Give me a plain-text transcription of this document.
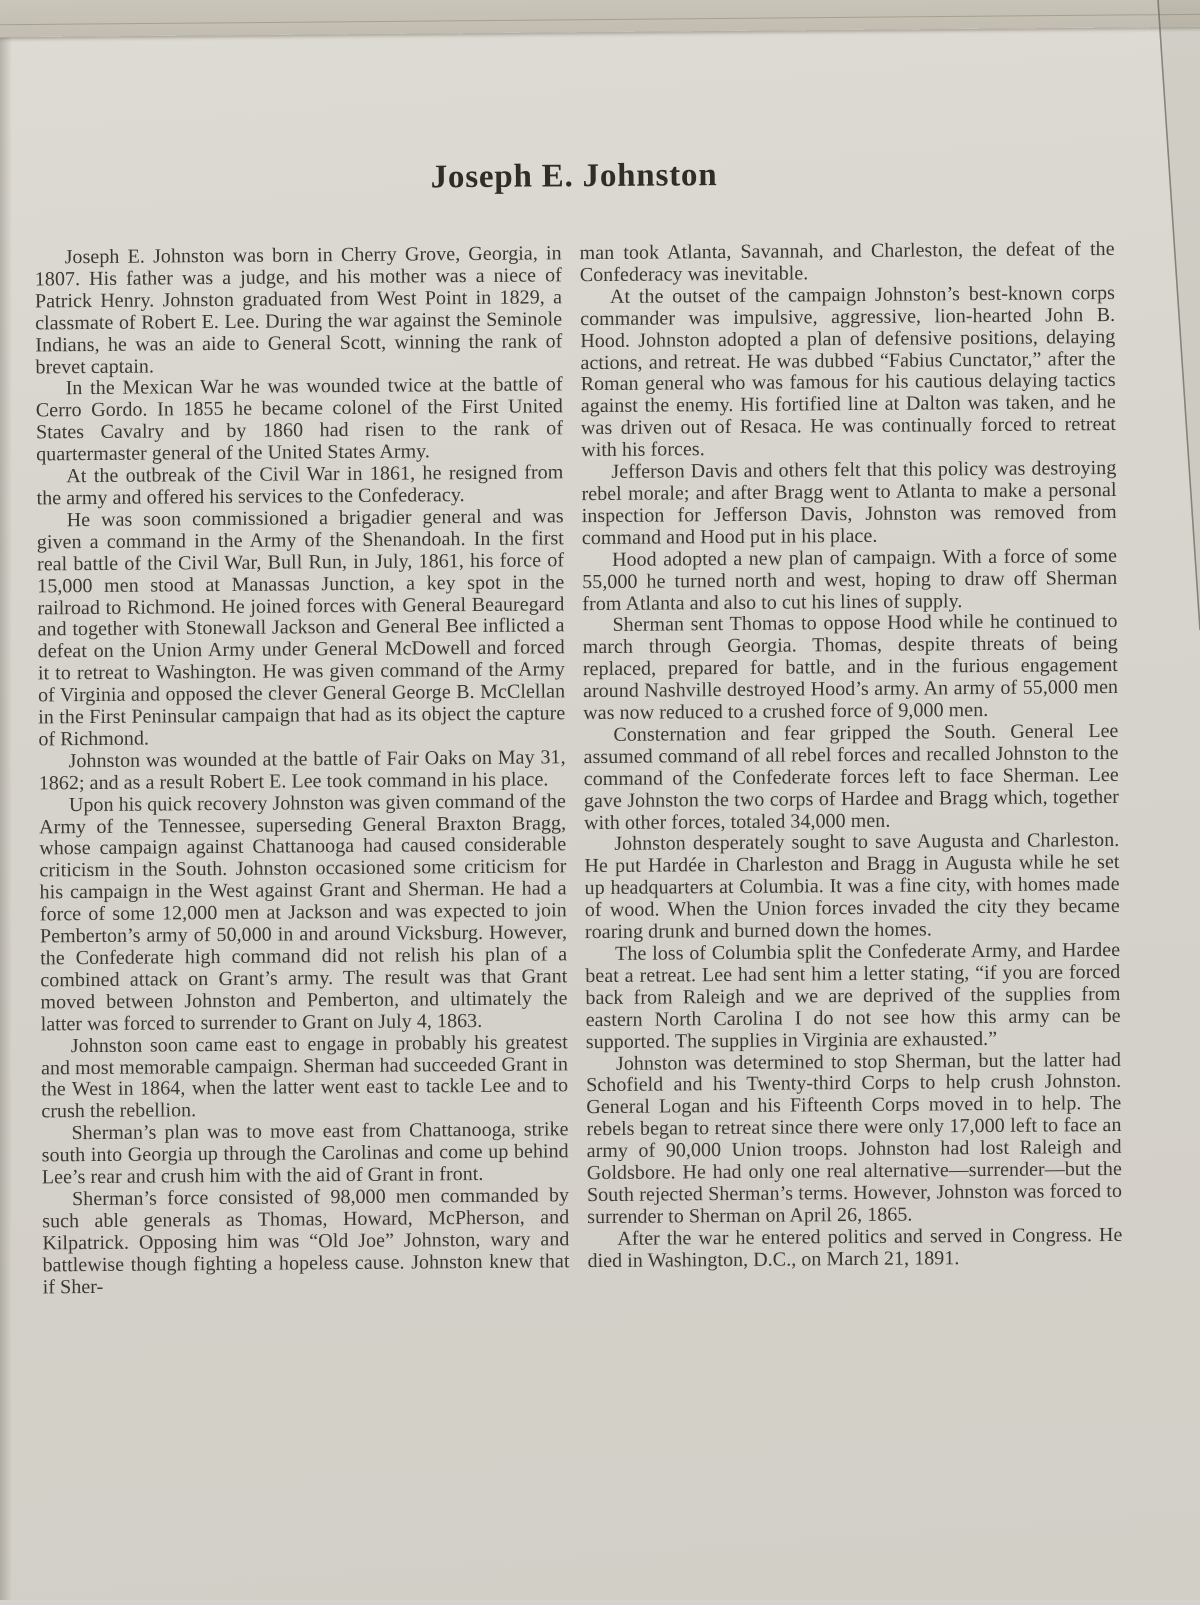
Joseph E. Johnston

Joseph E. Johnston was born in Cherry Grove, Georgia, in 1807. His father was a judge, and his mother was a niece of Patrick Henry. Johnston graduated from West Point in 1829, a classmate of Robert E. Lee. During the war against the Seminole Indians, he was an aide to General Scott, winning the rank of brevet captain.

In the Mexican War he was wounded twice at the battle of Cerro Gordo. In 1855 he became colonel of the First United States Cavalry and by 1860 had risen to the rank of quartermaster general of the United States Army.

At the outbreak of the Civil War in 1861, he resigned from the army and offered his services to the Confederacy.

He was soon commissioned a brigadier general and was given a command in the Army of the Shenandoah. In the first real battle of the Civil War, Bull Run, in July, 1861, his force of 15,000 men stood at Manassas Junction, a key spot in the railroad to Richmond. He joined forces with General Beauregard and together with Stonewall Jackson and General Bee inflicted a defeat on the Union Army under General McDowell and forced it to retreat to Washington. He was given command of the Army of Virginia and opposed the clever General George B. McClellan in the First Peninsular campaign that had as its object the capture of Richmond.

Johnston was wounded at the battle of Fair Oaks on May 31, 1862; and as a result Robert E. Lee took command in his place.

Upon his quick recovery Johnston was given command of the Army of the Tennessee, superseding General Braxton Bragg, whose campaign against Chattanooga had caused considerable criticism in the South. Johnston occasioned some criticism for his campaign in the West against Grant and Sherman. He had a force of some 12,000 men at Jackson and was expected to join Pemberton’s army of 50,000 in and around Vicksburg. However, the Confederate high command did not relish his plan of a combined attack on Grant’s army. The result was that Grant moved between Johnston and Pemberton, and ultimately the latter was forced to surrender to Grant on July 4, 1863.

Johnston soon came east to engage in probably his greatest and most memorable campaign. Sherman had succeeded Grant in the West in 1864, when the latter went east to tackle Lee and to crush the rebellion.

Sherman’s plan was to move east from Chattanooga, strike south into Georgia up through the Carolinas and come up behind Lee’s rear and crush him with the aid of Grant in front.

Sherman’s force consisted of 98,000 men commanded by such able generals as Thomas, Howard, McPherson, and Kilpatrick. Opposing him was “Old Joe” Johnston, wary and battlewise though fighting a hopeless cause. Johnston knew that if Sher-

man took Atlanta, Savannah, and Charleston, the defeat of the Confederacy was inevitable.

At the outset of the campaign Johnston’s best-known corps commander was impulsive, aggressive, lion-hearted John B. Hood. Johnston adopted a plan of defensive positions, delaying actions, and retreat. He was dubbed “Fabius Cunctator,” after the Roman general who was famous for his cautious delaying tactics against the enemy. His fortified line at Dalton was taken, and he was driven out of Resaca. He was continually forced to retreat with his forces.

Jefferson Davis and others felt that this policy was destroying rebel morale; and after Bragg went to Atlanta to make a personal inspection for Jefferson Davis, Johnston was removed from command and Hood put in his place.

Hood adopted a new plan of campaign. With a force of some 55,000 he turned north and west, hoping to draw off Sherman from Atlanta and also to cut his lines of supply.

Sherman sent Thomas to oppose Hood while he continued to march through Georgia. Thomas, despite threats of being replaced, prepared for battle, and in the furious engagement around Nashville destroyed Hood’s army. An army of 55,000 men was now reduced to a crushed force of 9,000 men.

Consternation and fear gripped the South. General Lee assumed command of all rebel forces and recalled Johnston to the command of the Confederate forces left to face Sherman. Lee gave Johnston the two corps of Hardee and Bragg which, together with other forces, totaled 34,000 men.

Johnston desperately sought to save Augusta and Charleston. He put Hardée in Charleston and Bragg in Augusta while he set up headquarters at Columbia. It was a fine city, with homes made of wood. When the Union forces invaded the city they became roaring drunk and burned down the homes.

The loss of Columbia split the Confederate Army, and Hardee beat a retreat. Lee had sent him a letter stating, “if you are forced back from Raleigh and we are deprived of the supplies from eastern North Carolina I do not see how this army can be supported. The supplies in Virginia are exhausted.”

Johnston was determined to stop Sherman, but the latter had Schofield and his Twenty-third Corps to help crush Johnston. General Logan and his Fifteenth Corps moved in to help. The rebels began to retreat since there were only 17,000 left to face an army of 90,000 Union troops. Johnston had lost Raleigh and Goldsbore. He had only one real alternative—surrender—but the South rejected Sherman’s terms. However, Johnston was forced to surrender to Sherman on April 26, 1865.

After the war he entered politics and served in Congress. He died in Washington, D.C., on March 21, 1891.
